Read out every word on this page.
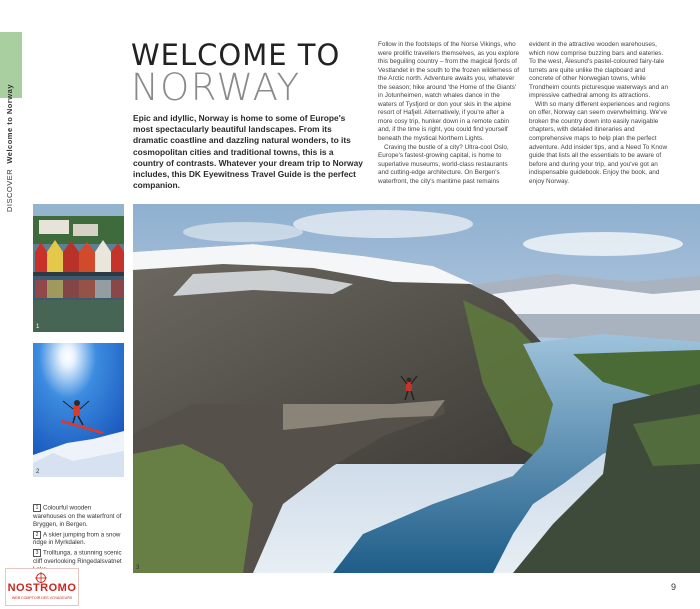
DISCOVER  Welcome to Norway
WELCOME TO
NORWAY

Epic and idyllic, Norway is home to some of Europe's most spectacularly beautiful landscapes. From its dramatic coastline and dazzling natural wonders, to its cosmopolitan cities and traditional towns, this is a country of contrasts. Whatever your dream trip to Norway includes, this DK Eyewitness Travel Guide is the perfect companion.

Follow in the footsteps of the Norse Vikings, who were prolific travellers themselves, as you explore this beguiling country – from the magical fjords of Vestlandet in the south to the frozen wilderness of the Arctic north. Adventure awaits you, whatever the season; hike around 'the Home of the Giants' in Jotunheimen, watch whales dance in the waters of Tysfjord or don your skis in the alpine resort of Hafjell. Alternatively, if you're after a more cosy trip, hunker down in a remote cabin and, if the time is right, you could find yourself beneath the mystical Northern Lights.

Craving the bustle of a city? Ultra-cool Oslo, Europe's fastest-growing capital, is home to superlative museums, world-class restaurants and cutting-edge architecture. On Bergen's waterfront, the city's maritime past remains

evident in the attractive wooden warehouses, which now comprise buzzing bars and eateries. To the west, Ålesund's pastel-coloured fairy-tale turrets are quite unlike the clapboard and concrete of other Norwegian towns, while Trondheim counts picturesque waterways and an impressive cathedral among its attractions.

With so many different experiences and regions on offer, Norway can seem overwhelming. We've broken the country down into easily navigable chapters, with detailed itineraries and comprehensive maps to help plan the perfect adventure. Add insider tips, and a Need To Know guide that lists all the essentials to be aware of before and during your trip, and you've got an indispensable guidebook. Enjoy the book, and enjoy Norway.

1
2
3

1 Colourful wooden warehouses on the waterfront of Bryggen, in Bergen.

2 A skier jumping from a snow ridge in Myrkdalen.

3 Trolltunga, a stunning scenic cliff overlooking Ringedalsvatnet

NOSTROMO
WEB COMPTOIR DES VOYAGEURS
9
